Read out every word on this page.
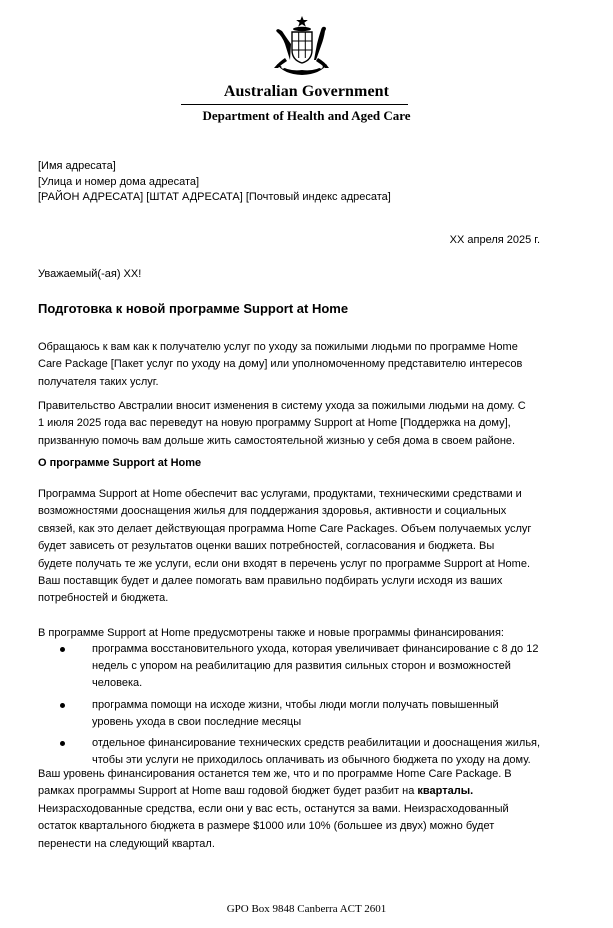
Australian Government
Department of Health and Aged Care
[Имя адресата]
[Улица и номер дома адресата]
[РАЙОН АДРЕСАТА] [ШТАТ АДРЕСАТА] [Почтовый индекс адресата]
XX апреля 2025 г.
Уважаемый(-ая) XX!
Подготовка к новой программе Support at Home

Обращаюсь к вам как к получателю услуг по уходу за пожилыми людьми по программе Home

Care Package [Пакет услуг по уходу на дому] или уполномоченному представителю интересов

получателя таких услуг.

Правительство Австралии вносит изменения в систему ухода за пожилыми людьми на дому. С

1 июля 2025 года вас переведут на новую программу Support at Home [Поддержка на дому],

призванную помочь вам дольше жить самостоятельной жизнью у себя дома в своем районе.

О программе Support at Home

Программа Support at Home обеспечит вас услугами, продуктами, техническими средствами и

возможностями дооснащения жилья для поддержания здоровья, активности и социальных

связей, как это делает действующая программа Home Care Packages. Объем получаемых услуг

будет зависеть от результатов оценки ваших потребностей, согласования и бюджета. Вы

будете получать те же услуги, если они входят в перечень услуг по программе Support at Home.

Ваш поставщик будет и далее помогать вам правильно подбирать услуги исходя из ваших

потребностей и бюджета.

В программе Support at Home предусмотрены также и новые программы финансирования:
программа восстановительного ухода, которая увеличивает финансирование с 8 до 12
недель с упором на реабилитацию для развития сильных сторон и возможностей
человека.
программа помощи на исходе жизни, чтобы люди могли получать повышенный
уровень ухода в свои последние месяцы
отдельное финансирование технических средств реабилитации и дооснащения жилья,
чтобы эти услуги не приходилось оплачивать из обычного бюджета по уходу на дому.

Ваш уровень финансирования останется тем же, что и по программе Home Care Package. В

рамках программы Support at Home ваш годовой бюджет будет разбит на кварталы.

Неизрасходованные средства, если они у вас есть, останутся за вами. Неизрасходованный

остаток квартального бюджета в размере $1000 или 10% (большее из двух) можно будет

перенести на следующий квартал.

GPO Box 9848 Canberra ACT 2601
